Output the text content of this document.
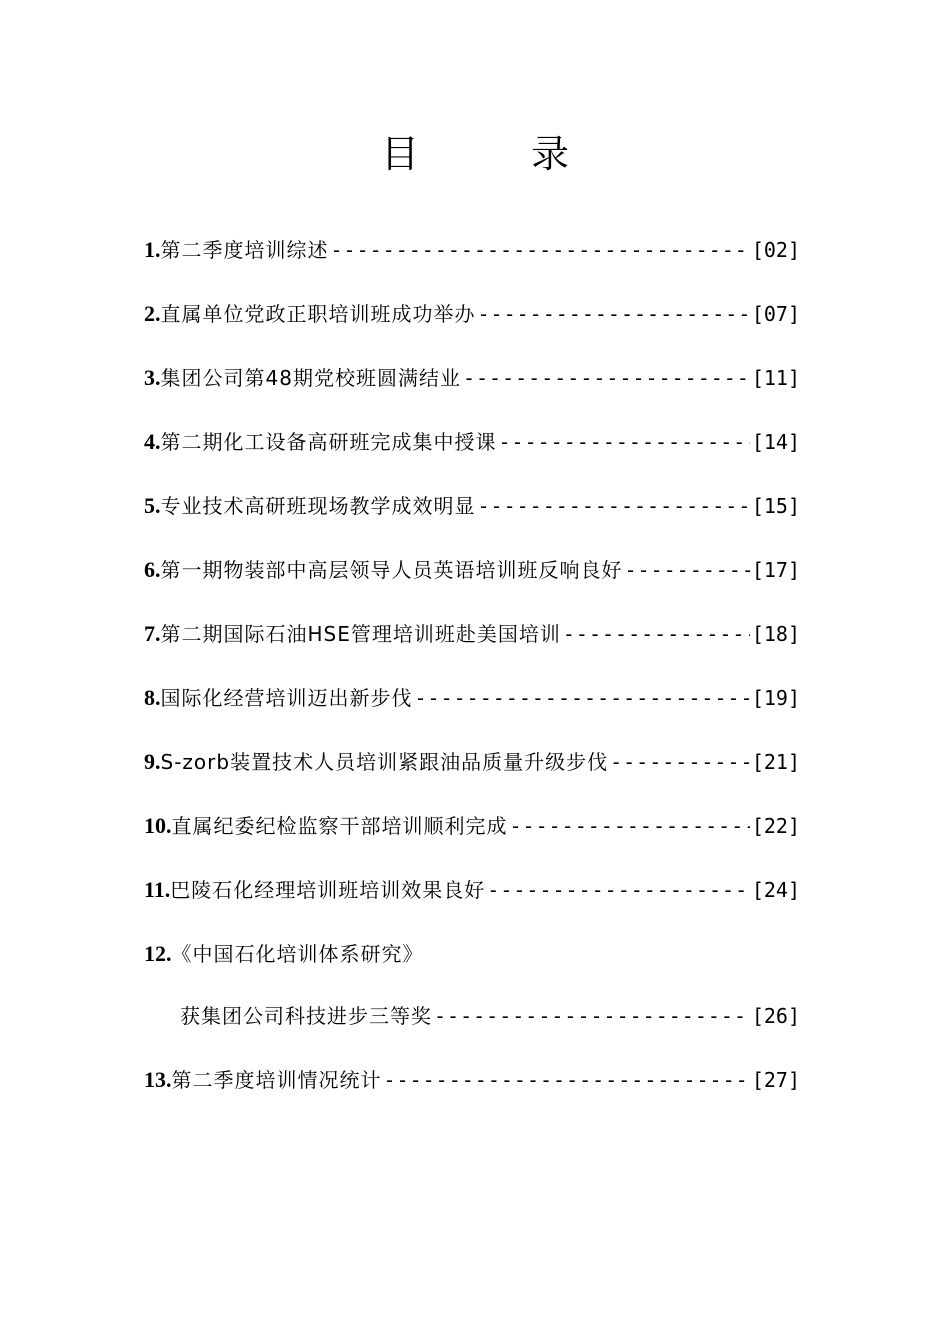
目	录
1. 第二季度培训综述 -----	[02]
2. 直属单位党政正职培训班成功举办 -----	[07]
3. 集团公司第48期党校班圆满结业 -----	[11]
4. 第二期化工设备高研班完成集中授课 -----	[14]
5. 专业技术高研班现场教学成效明显 -----	[15]
6. 第一期物装部中高层领导人员英语培训班反响良好 -----	[17]
7. 第二期国际石油HSE管理培训班赴美国培训 -----	[18]
8. 国际化经营培训迈出新步伐 -----	[19]
9. S-zorb装置技术人员培训紧跟油品质量升级步伐 -----	[21]
10. 直属纪委纪检监察干部培训顺利完成 -----	[22]
11. 巴陵石化经理培训班培训效果良好 -----	[24]
12. 《中国石化培训体系研究》
获集团公司科技进步三等奖 -----	[26]
13. 第二季度培训情况统计 -----	[27]
